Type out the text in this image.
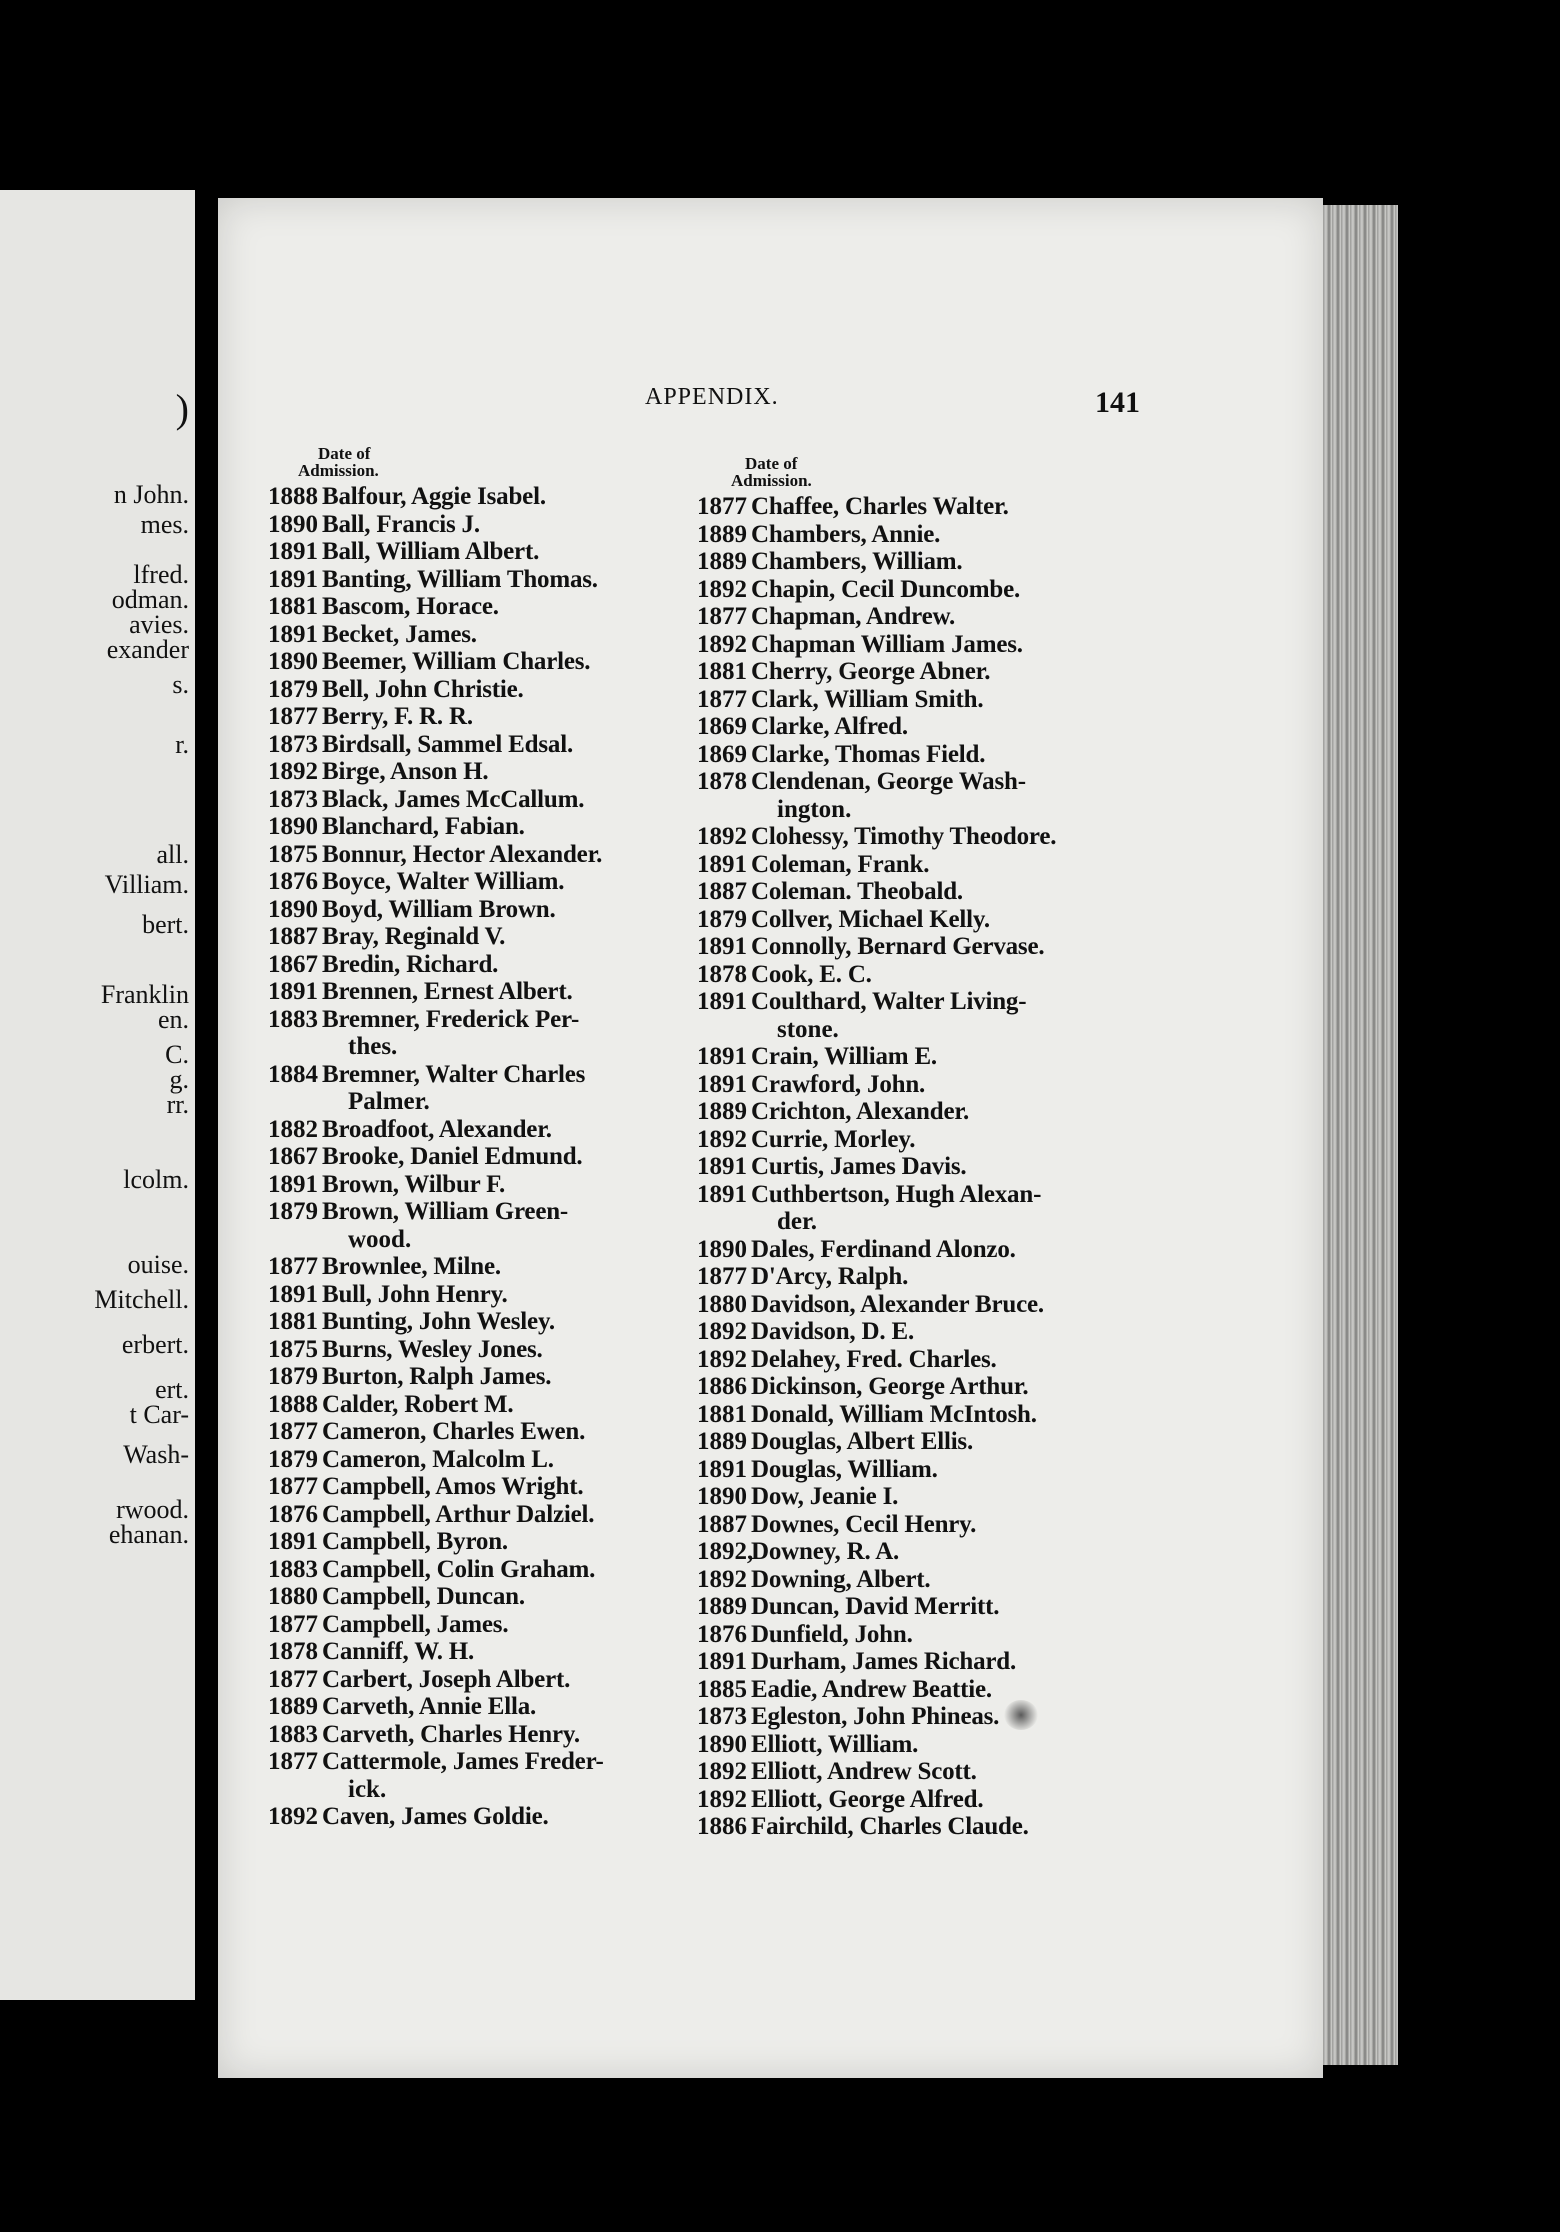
)
n John.
mes.
lfred.
odman.
avies.
exander
s.
r.
all.
Villiam.
bert.
Franklin
en.
C.
g.
rr.
lcolm.
ouise.
Mitchell.
erbert.
ert.
t Car-
Wash-
rwood.
ehanan.
APPENDIX.	141
Date of
Admission.
1888 Balfour, Aggie Isabel.
1890 Ball, Francis J.
1891 Ball, William Albert.
1891 Banting, William Thomas.
1881 Bascom, Horace.
1891 Becket, James.
1890 Beemer, William Charles.
1879 Bell, John Christie.
1877 Berry, F. R. R.
1873 Birdsall, Sammel Edsal.
1892 Birge, Anson H.
1873 Black, James McCallum.
1890 Blanchard, Fabian.
1875 Bonnur, Hector Alexander.
1876 Boyce, Walter William.
1890 Boyd, William Brown.
1887 Bray, Reginald V.
1867 Bredin, Richard.
1891 Brennen, Ernest Albert.
1883 Bremner, Frederick Per-
thes.
1884 Bremner, Walter Charles
Palmer.
1882 Broadfoot, Alexander.
1867 Brooke, Daniel Edmund.
1891 Brown, Wilbur F.
1879 Brown, William Green-
wood.
1877 Brownlee, Milne.
1891 Bull, John Henry.
1881 Bunting, John Wesley.
1875 Burns, Wesley Jones.
1879 Burton, Ralph James.
1888 Calder, Robert M.
1877 Cameron, Charles Ewen.
1879 Cameron, Malcolm L.
1877 Campbell, Amos Wright.
1876 Campbell, Arthur Dalziel.
1891 Campbell, Byron.
1883 Campbell, Colin Graham.
1880 Campbell, Duncan.
1877 Campbell, James.
1878 Canniff, W. H.
1877 Carbert, Joseph Albert.
1889 Carveth, Annie Ella.
1883 Carveth, Charles Henry.
1877 Cattermole, James Freder-
ick.
1892 Caven, James Goldie.
Date of
Admission.
1877 Chaffee, Charles Walter.
1889 Chambers, Annie.
1889 Chambers, William.
1892 Chapin, Cecil Duncombe.
1877 Chapman, Andrew.
1892 Chapman William James.
1881 Cherry, George Abner.
1877 Clark, William Smith.
1869 Clarke, Alfred.
1869 Clarke, Thomas Field.
1878 Clendenan, George Wash-
ington.
1892 Clohessy, Timothy Theodore.
1891 Coleman, Frank.
1887 Coleman. Theobald.
1879 Collver, Michael Kelly.
1891 Connolly, Bernard Gervase.
1878 Cook, E. C.
1891 Coulthard, Walter Living-
stone.
1891 Crain, William E.
1891 Crawford, John.
1889 Crichton, Alexander.
1892 Currie, Morley.
1891 Curtis, James Davis.
1891 Cuthbertson, Hugh Alexan-
der.
1890 Dales, Ferdinand Alonzo.
1877 D'Arcy, Ralph.
1880 Davidson, Alexander Bruce.
1892 Davidson, D. E.
1892 Delahey, Fred. Charles.
1886 Dickinson, George Arthur.
1881 Donald, William McIntosh.
1889 Douglas, Albert Ellis.
1891 Douglas, William.
1890 Dow, Jeanie I.
1887 Downes, Cecil Henry.
1892,
Downey, R. A.
1892 Downing, Albert.
1889 Duncan, David Merritt.
1876 Dunfield, John.
1891 Durham, James Richard.
1885 Eadie, Andrew Beattie.
1873 Egleston, John Phineas.
1890 Elliott, William.
1892 Elliott, Andrew Scott.
1892 Elliott, George Alfred.
1886 Fairchild, Charles Claude.
